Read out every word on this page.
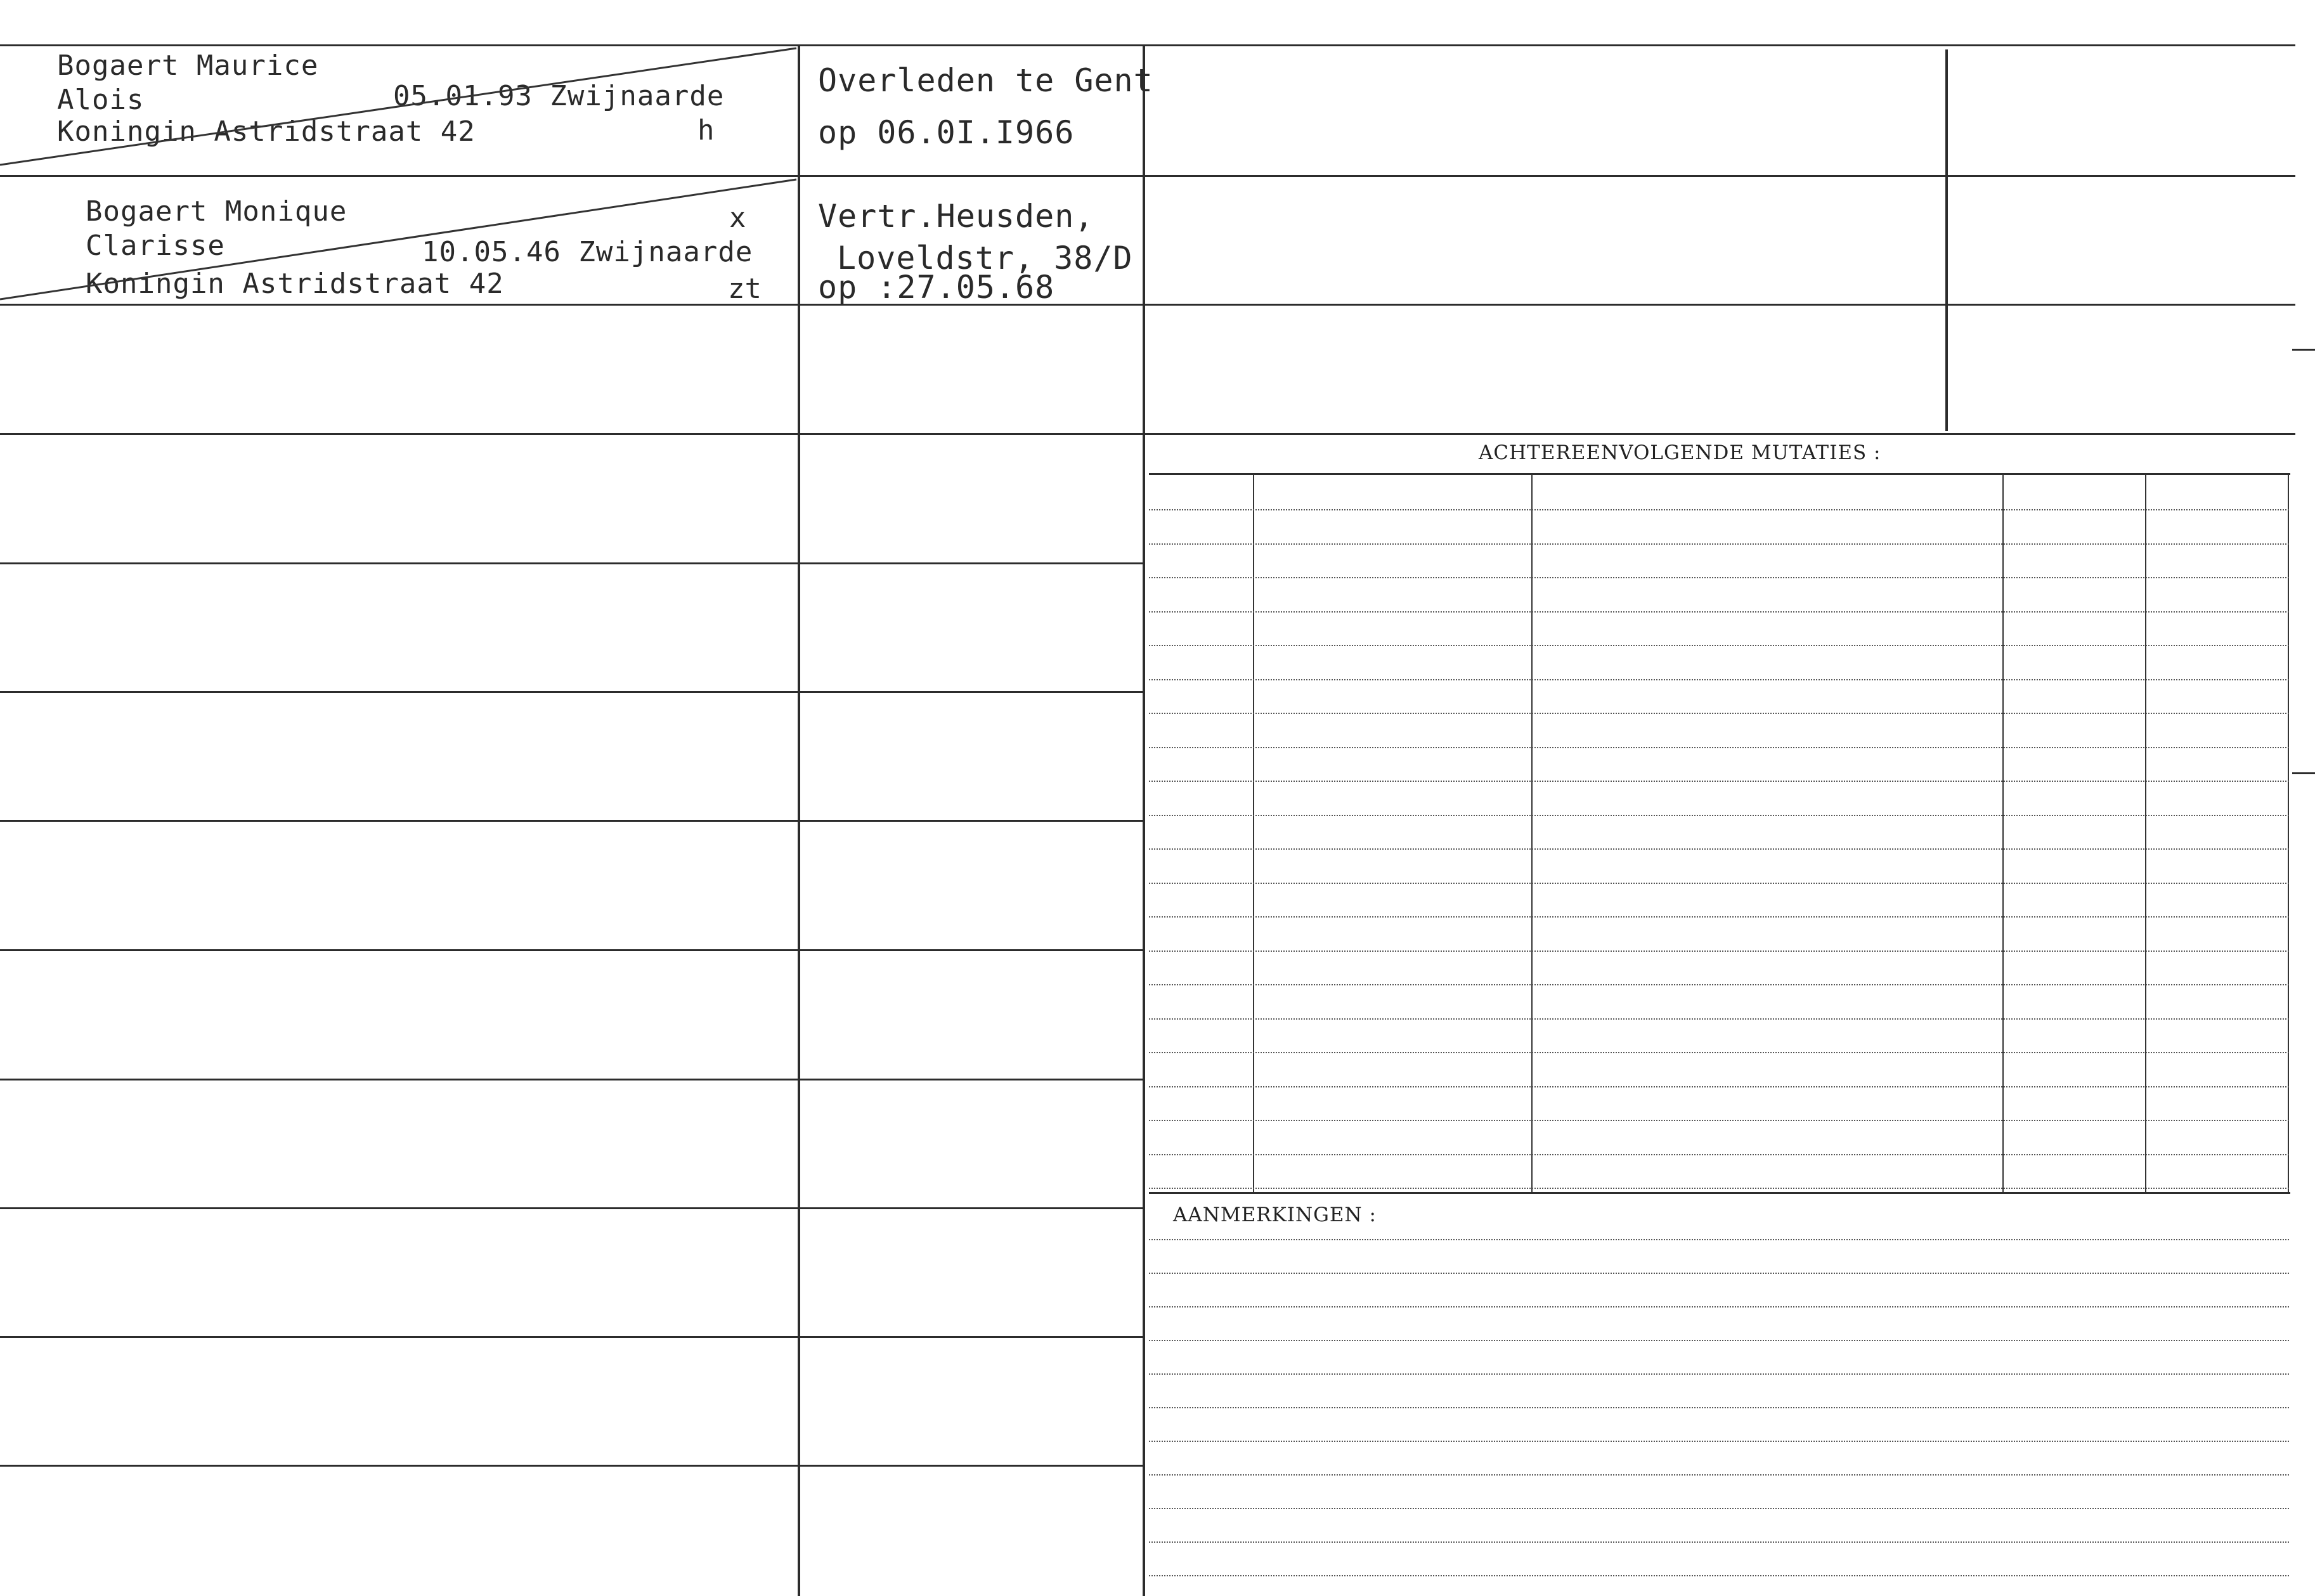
ACHTEREENVOLGENDE MUTATIES :
AANMERKINGEN :
Bogaert Maurice
Alois	05.01.93 Zwijnaarde
Koningin Astridstraat 42	h
Overleden te Gent
op 06.0I.I966
Bogaert Monique	x
Clarisse	10.05.46 Zwijnaarde
Koningin Astridstraat 42	zt
Vertr.Heusden,
Loveldstr, 38/D
op :27.05.68
